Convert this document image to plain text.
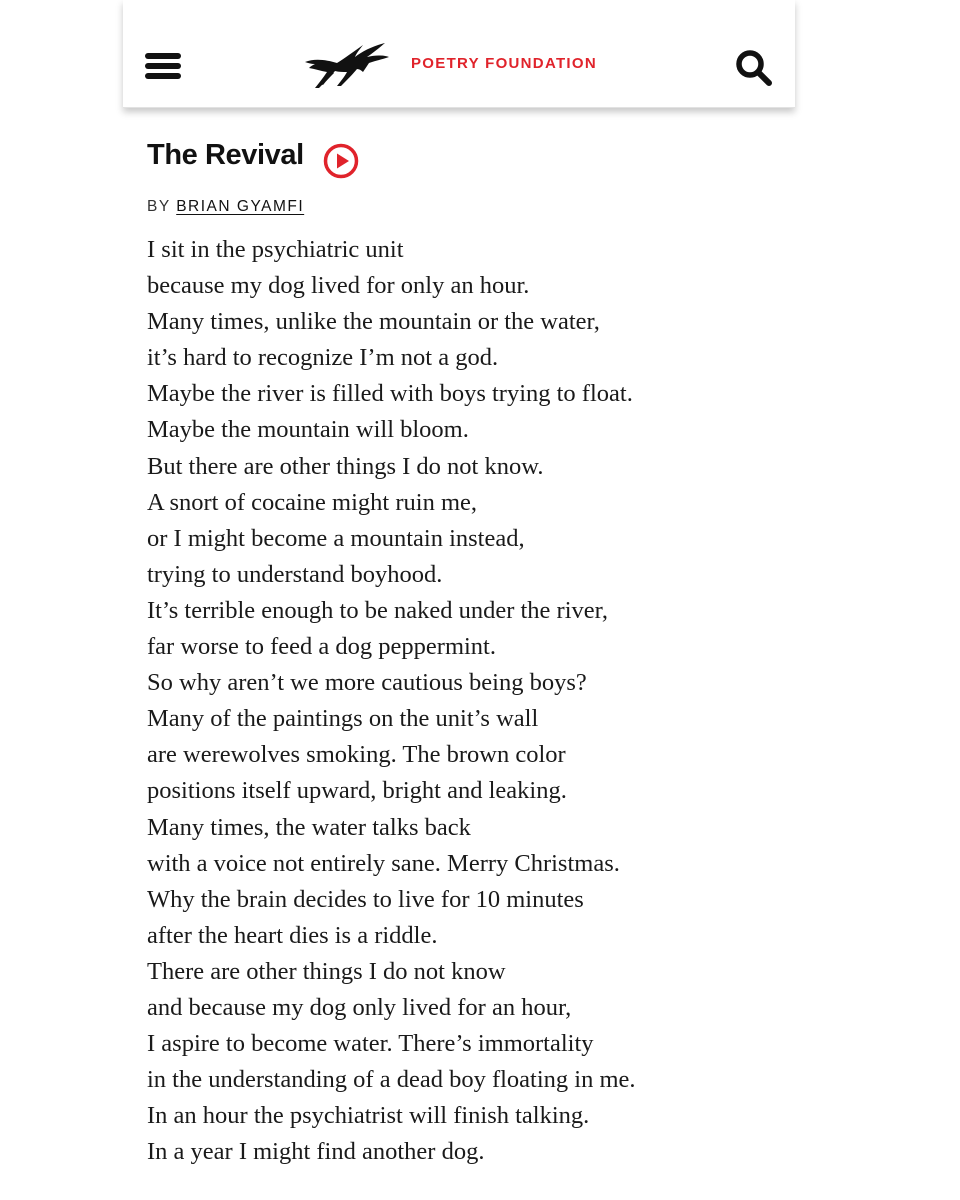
POETRY FOUNDATION
The Revival
BY BRIAN GYAMFI
I sit in the psychiatric unit
because my dog lived for only an hour.
Many times, unlike the mountain or the water,
it’s hard to recognize I’m not a god.
Maybe the river is filled with boys trying to float.
Maybe the mountain will bloom.
But there are other things I do not know.
A snort of cocaine might ruin me,
or I might become a mountain instead,
trying to understand boyhood.
It’s terrible enough to be naked under the river,
far worse to feed a dog peppermint.
So why aren’t we more cautious being boys?
Many of the paintings on the unit’s wall
are werewolves smoking. The brown color
positions itself upward, bright and leaking.
Many times, the water talks back
with a voice not entirely sane. Merry Christmas.
Why the brain decides to live for 10 minutes
after the heart dies is a riddle.
There are other things I do not know
and because my dog only lived for an hour,
I aspire to become water. There’s immortality
in the understanding of a dead boy floating in me.
In an hour the psychiatrist will finish talking.
In a year I might find another dog.
